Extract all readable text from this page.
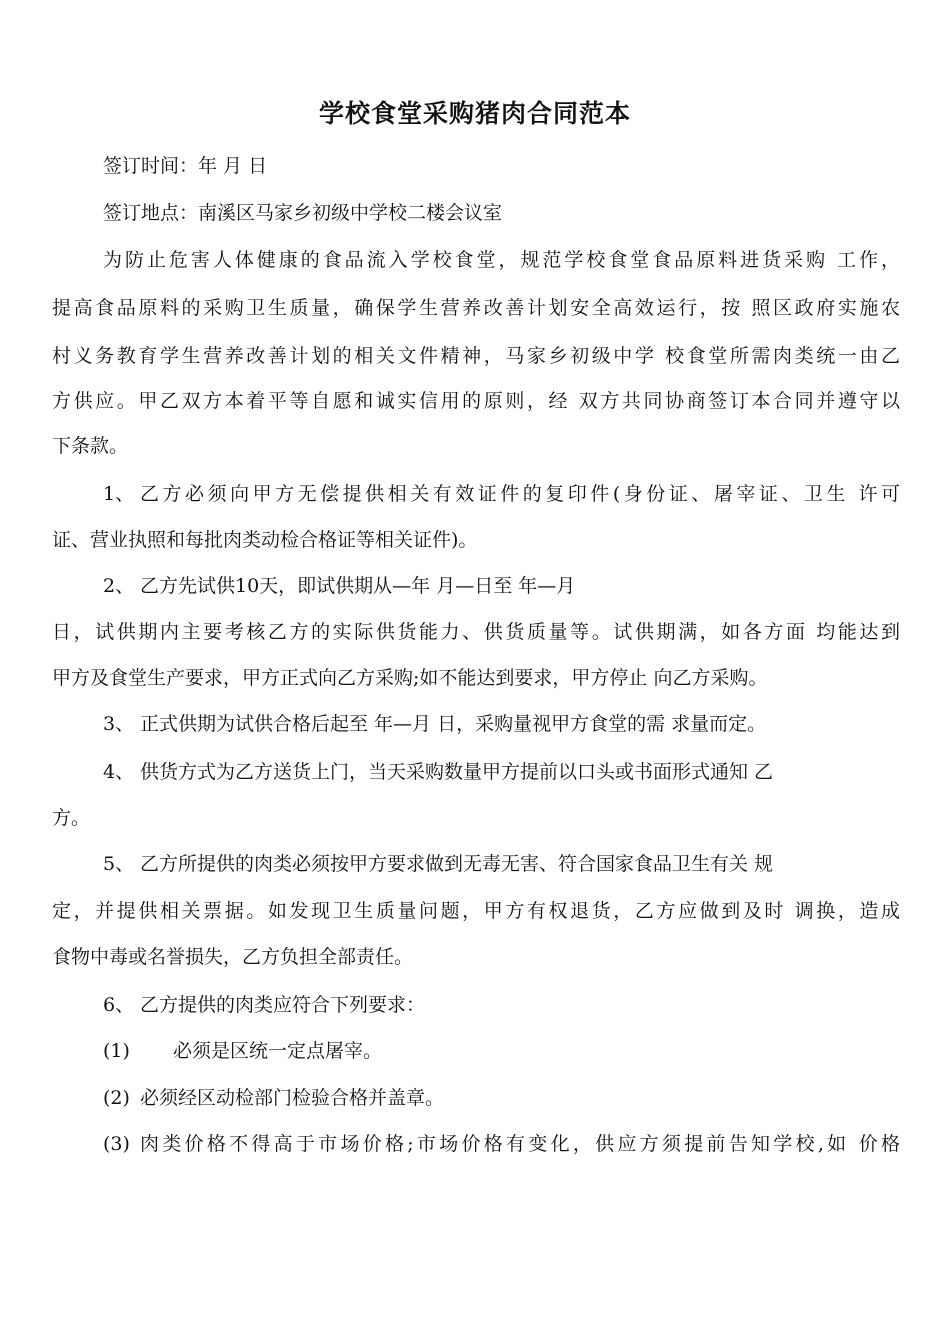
学校食堂采购猪肉合同范本
签订时间：年 月 日
签订地点：南溪区马家乡初级中学校二楼会议室
为防止危害人体健康的食品流入学校食堂，规范学校食堂食品原料进货采购 工作，
提高食品原料的采购卫生质量，确保学生营养改善计划安全高效运行，按 照区政府实施农
村义务教育学生营养改善计划的相关文件精神，马家乡初级中学 校食堂所需肉类统一由乙
方供应。甲乙双方本着平等自愿和诚实信用的原则，经 双方共同协商签订本合同并遵守以
下条款。
1、 乙方必须向甲方无偿提供相关有效证件的复印件(身份证、屠宰证、卫生 许可
证、营业执照和每批肉类动检合格证等相关证件)。
2、 乙方先试供10天，即试供期从—年 月—日至 年—月
日，试供期内主要考核乙方的实际供货能力、供货质量等。试供期满，如各方面 均能达到
甲方及食堂生产要求，甲方正式向乙方采购;如不能达到要求，甲方停止 向乙方采购。
3、 正式供期为试供合格后起至 年—月 日，采购量视甲方食堂的需 求量而定。
4、 供货方式为乙方送货上门，当天采购数量甲方提前以口头或书面形式通知 乙
方。
5、 乙方所提供的肉类必须按甲方要求做到无毒无害、符合国家食品卫生有关 规
定，并提供相关票据。如发现卫生质量问题，甲方有权退货，乙方应做到及时 调换，造成
食物中毒或名誉损失，乙方负担全部责任。
6、 乙方提供的肉类应符合下列要求：
(1) 必须是区统一定点屠宰。
(2) 必须经区动检部门检验合格并盖章。
(3) 肉类价格不得高于市场价格;市场价格有变化，供应方须提前告知学校,如 价格
